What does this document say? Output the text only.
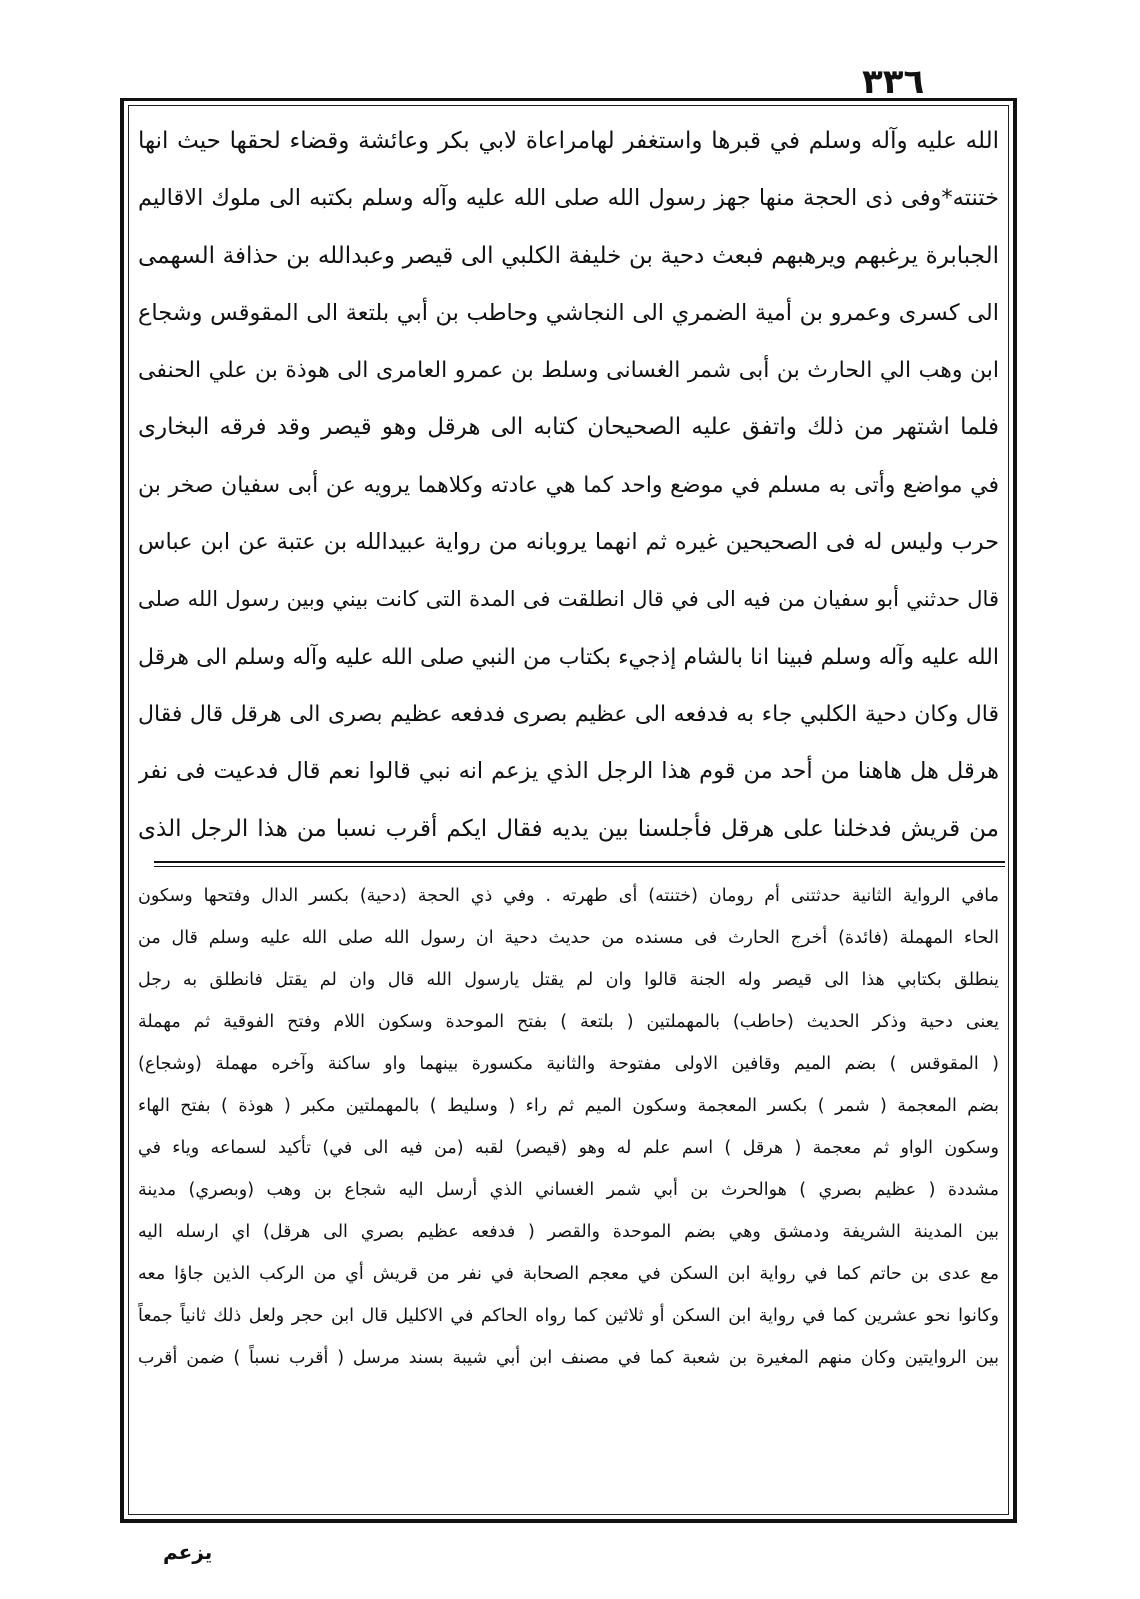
٣٣٦
الله عليه وآله وسلم في قبرها واستغفر لهامراعاة لابي بكر وعائشة وقضاء لحقها حيث انها
ختنته*وفى ذى الحجة منها جهز رسول الله صلى الله عليه وآله وسلم بكتبه الى ملوك الاقاليم
الجبابرة يرغبهم ويرهبهم فبعث دحية بن خليفة الكلبي الى قيصر وعبدالله بن حذافة السهمى
الى كسرى وعمرو بن أمية الضمري الى النجاشي وحاطب بن أبي بلتعة الى المقوقس وشجاع
ابن وهب الي الحارث بن أبى شمر الغسانى وسلط بن عمرو العامرى الى هوذة بن علي الحنفى
فلما اشتهر من ذلك واتفق عليه الصحيحان كتابه الى هرقل وهو قيصر وقد فرقه البخارى
في مواضع وأتى به مسلم في موضع واحد كما هي عادته وكلاهما يرويه عن أبى سفيان صخر بن
حرب وليس له فى الصحيحين غيره ثم انهما يروبانه من رواية عبيدالله بن عتبة عن ابن عباس
قال حدثني أبو سفيان من فيه الى في قال انطلقت فى المدة التى كانت بيني وبين رسول الله صلى
الله عليه وآله وسلم فبينا انا بالشام إذجيء بكتاب من النبي صلى الله عليه وآله وسلم الى هرقل
قال وكان دحية الكلبي جاء به فدفعه الى عظيم بصرى فدفعه عظيم بصرى الى هرقل قال فقال
هرقل هل هاهنا من أحد من قوم هذا الرجل الذي يزعم انه نبي قالوا نعم قال فدعيت فى نفر
من قريش فدخلنا على هرقل فأجلسنا بين يديه فقال ايكم أقرب نسبا من هذا الرجل الذى
مافي الرواية الثانية حدثتنى أم رومان (ختنته) أى طهرته . وفي ذي الحجة (دحية) بكسر الدال وفتحها وسكون
الحاء المهملة (فائدة) أخرج الحارث فى مسنده من حديث دحية ان رسول الله صلى الله عليه وسلم قال من
ينطلق بكتابي هذا الى قيصر وله الجنة قالوا وان لم يقتل يارسول الله قال وان لم يقتل فانطلق به رجل
يعنى دحية وذكر الحديث (حاطب) بالمهملتين ( بلتعة ) بفتح الموحدة وسكون اللام وفتح الفوقية ثم مهملة
( المقوقس ) بضم الميم وقافين الاولى مفتوحة والثانية مكسورة بينهما واو ساكنة وآخره مهملة (وشجاع)
بضم المعجمة ( شمر ) بكسر المعجمة وسكون الميم ثم راء ( وسليط ) بالمهملتين مكبر ( هوذة ) بفتح الهاء
وسكون الواو ثم معجمة ( هرقل ) اسم علم له وهو (قيصر) لقبه (من فيه الى في) تأكيد لسماعه وياء في
مشددة ( عظيم بصري ) هوالحرث بن أبي شمر الغساني الذي أرسل اليه شجاع بن وهب (وبصري) مدينة
بين المدينة الشريفة ودمشق وهي بضم الموحدة والقصر ( فدفعه عظيم بصري الى هرقل) اي ارسله اليه
مع عدى بن حاتم كما في رواية ابن السكن في معجم الصحابة في نفر من قريش أي من الركب الذين جاؤا معه
وكانوا نحو عشرين كما في رواية ابن السكن أو ثلاثين كما رواه الحاكم في الاكليل قال ابن حجر ولعل ذلك ثانياً جمعاً
بين الروايتين وكان منهم المغيرة بن شعبة كما في مصنف ابن أبي شيبة بسند مرسل ( أقرب نسباً ) ضمن أقرب
يزعم
